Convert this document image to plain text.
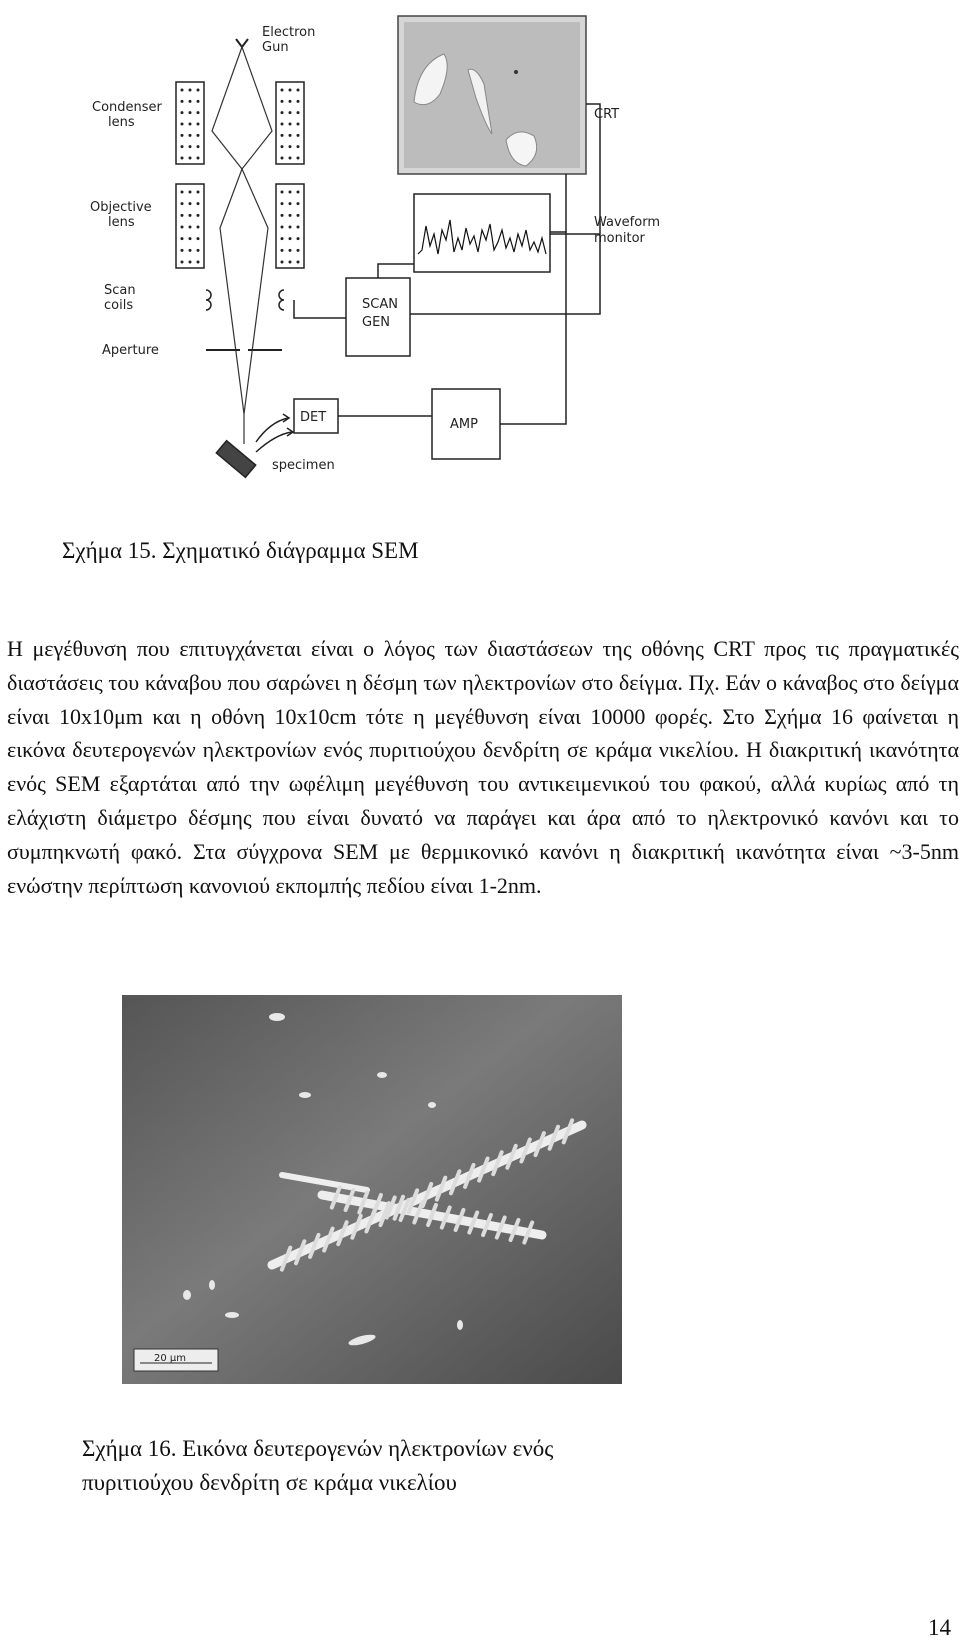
Electron
Gun
Condenser
lens
Objective
lens
Scan
coils
Aperture
CRT
Waveform
monitor
SCAN
GEN
DET	AMP
specimen
Σχήμα 15. Σχηματικό διάγραμμα SEM

Η μεγέθυνση που επιτυγχάνεται είναι ο λόγος των διαστάσεων της οθόνης CRT προς τις πραγματικές διαστάσεις του κάναβου που σαρώνει η δέσμη των ηλεκτρονίων στο δείγμα. Πχ. Εάν ο κάναβος στο δείγμα είναι 10x10μm και η οθόνη 10x10cm τότε η μεγέθυνση είναι 10000 φορές. Στο Σχήμα 16 φαίνεται η εικόνα δευτερογενών ηλεκτρονίων ενός πυριτιούχου δενδρίτη σε κράμα νικελίου. Η διακριτική ικανότητα ενός SEM εξαρτάται από την ωφέλιμη μεγέθυνση του αντικειμενικού του φακού, αλλά κυρίως από τη ελάχιστη διάμετρο δέσμης που είναι δυνατό να παράγει και άρα από το ηλεκτρονικό κανόνι και το συμπηκνωτή φακό. Στα σύγχρονα SEM με θερμικονικό κανόνι η διακριτική ικανότητα είναι ~3-5nm ενώστην περίπτωση κανονιού εκπομπής πεδίου είναι 1-2nm.

20 μm
Σχήμα 16. Εικόνα δευτερογενών ηλεκτρονίων ενός
πυριτιούχου δενδρίτη σε κράμα νικελίου
14
